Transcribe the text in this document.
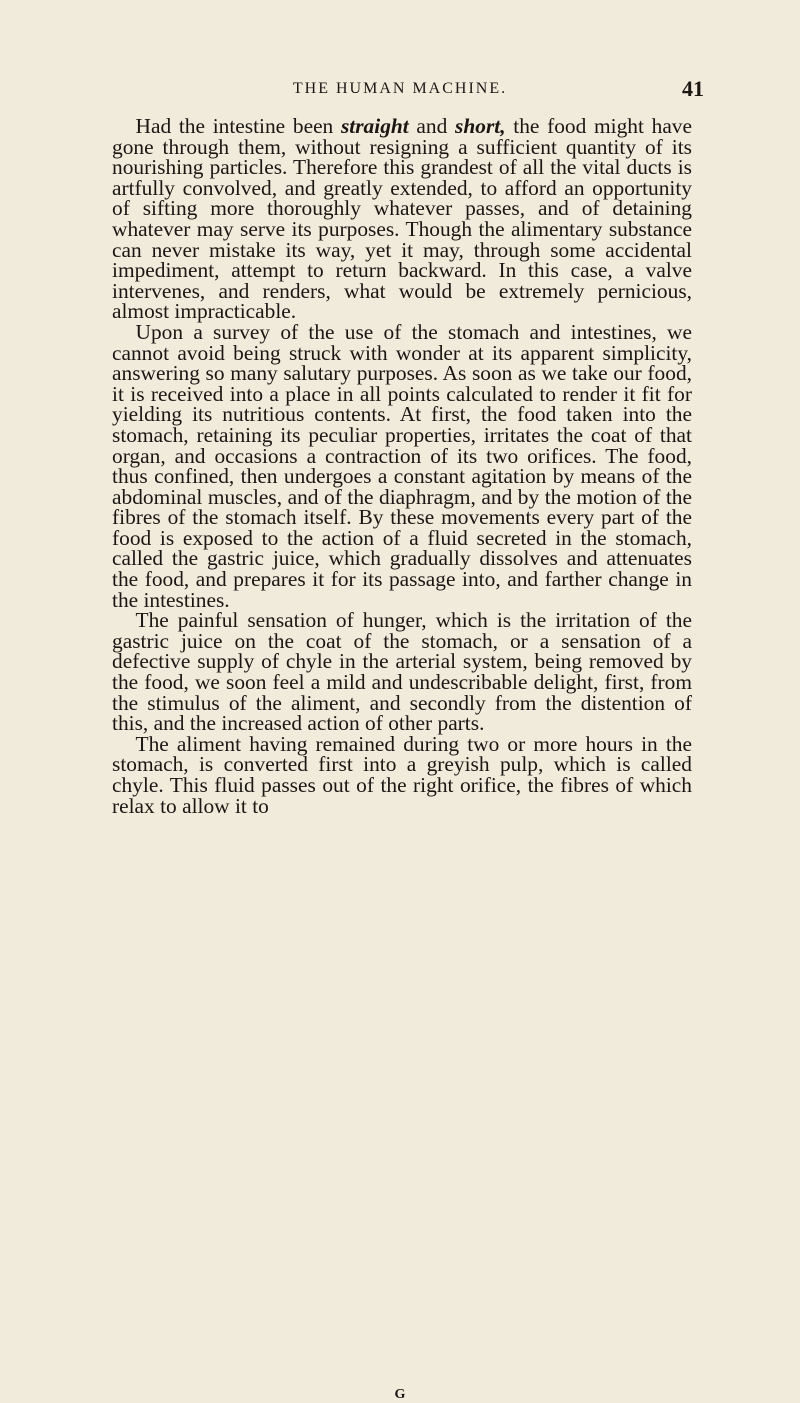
THE HUMAN MACHINE.	41

Had the intestine been straight and short, the food might have gone through them, without resigning a sufficient quantity of its nourishing particles. Therefore this grandest of all the vital ducts is artfully convolved, and greatly extended, to afford an opportunity of sifting more thoroughly whatever passes, and of detaining whatever may serve its purposes. Though the alimentary substance can never mistake its way, yet it may, through some accidental impediment, attempt to return backward. In this case, a valve intervenes, and renders, what would be extremely pernicious, almost impracticable.

Upon a survey of the use of the stomach and intestines, we cannot avoid being struck with wonder at its apparent simplicity, answering so many salutary purposes. As soon as we take our food, it is received into a place in all points calculated to render it fit for yielding its nutritious contents. At first, the food taken into the stomach, retaining its peculiar properties, irritates the coat of that organ, and occasions a contraction of its two orifices. The food, thus confined, then undergoes a constant agitation by means of the abdominal muscles, and of the diaphragm, and by the motion of the fibres of the stomach itself. By these movements every part of the food is exposed to the action of a fluid secreted in the stomach, called the gastric juice, which gradually dissolves and attenuates the food, and prepares it for its passage into, and farther change in the intestines.

The painful sensation of hunger, which is the irritation of the gastric juice on the coat of the stomach, or a sensation of a defective supply of chyle in the arterial system, being removed by the food, we soon feel a mild and undescribable delight, first, from the stimulus of the aliment, and secondly from the distention of this, and the increased action of other parts.

The aliment having remained during two or more hours in the stomach, is converted first into a greyish pulp, which is called chyle. This fluid passes out of the right orifice, the fibres of which relax to allow it to

G
